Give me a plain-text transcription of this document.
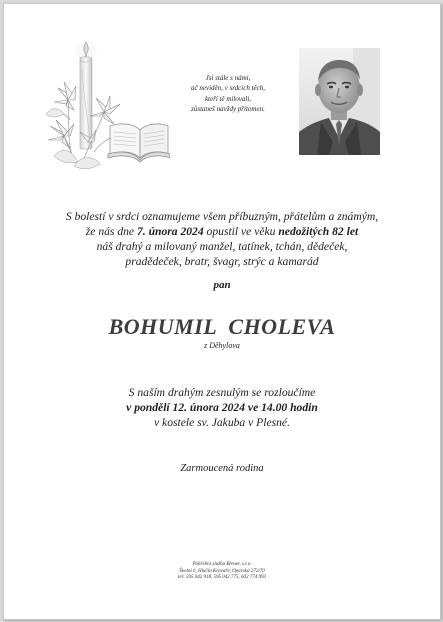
Jsi stále s námi,
ač neviděn, v srdcích těch,
kteří tě milovali,
zůstaneš navždy přítomen.
S bolestí v srdci oznamujeme všem příbuzným, přátelům a známým,
že nás dne 7. února 2024 opustil ve věku nedožitých 82 let
náš drahý a milovaný manžel, tatínek, tchán, dědeček,
pradědeček, bratr, švagr, strýc a kamarád
pan
BOHUMIL  CHOLEVA
z Děhylova
S naším drahým zesnulým se rozloučíme
v pondělí 12. února 2024 ve 14.00 hodin
v kostele sv. Jakuba v Plesné.
Zarmoucená rodina
Pohřební služba Breuer, s.r.o.
Školní 6, Hlučín Kravaře, Opavská 272/70
tel: 595 042 918, 595 042 775, 602 774 993
